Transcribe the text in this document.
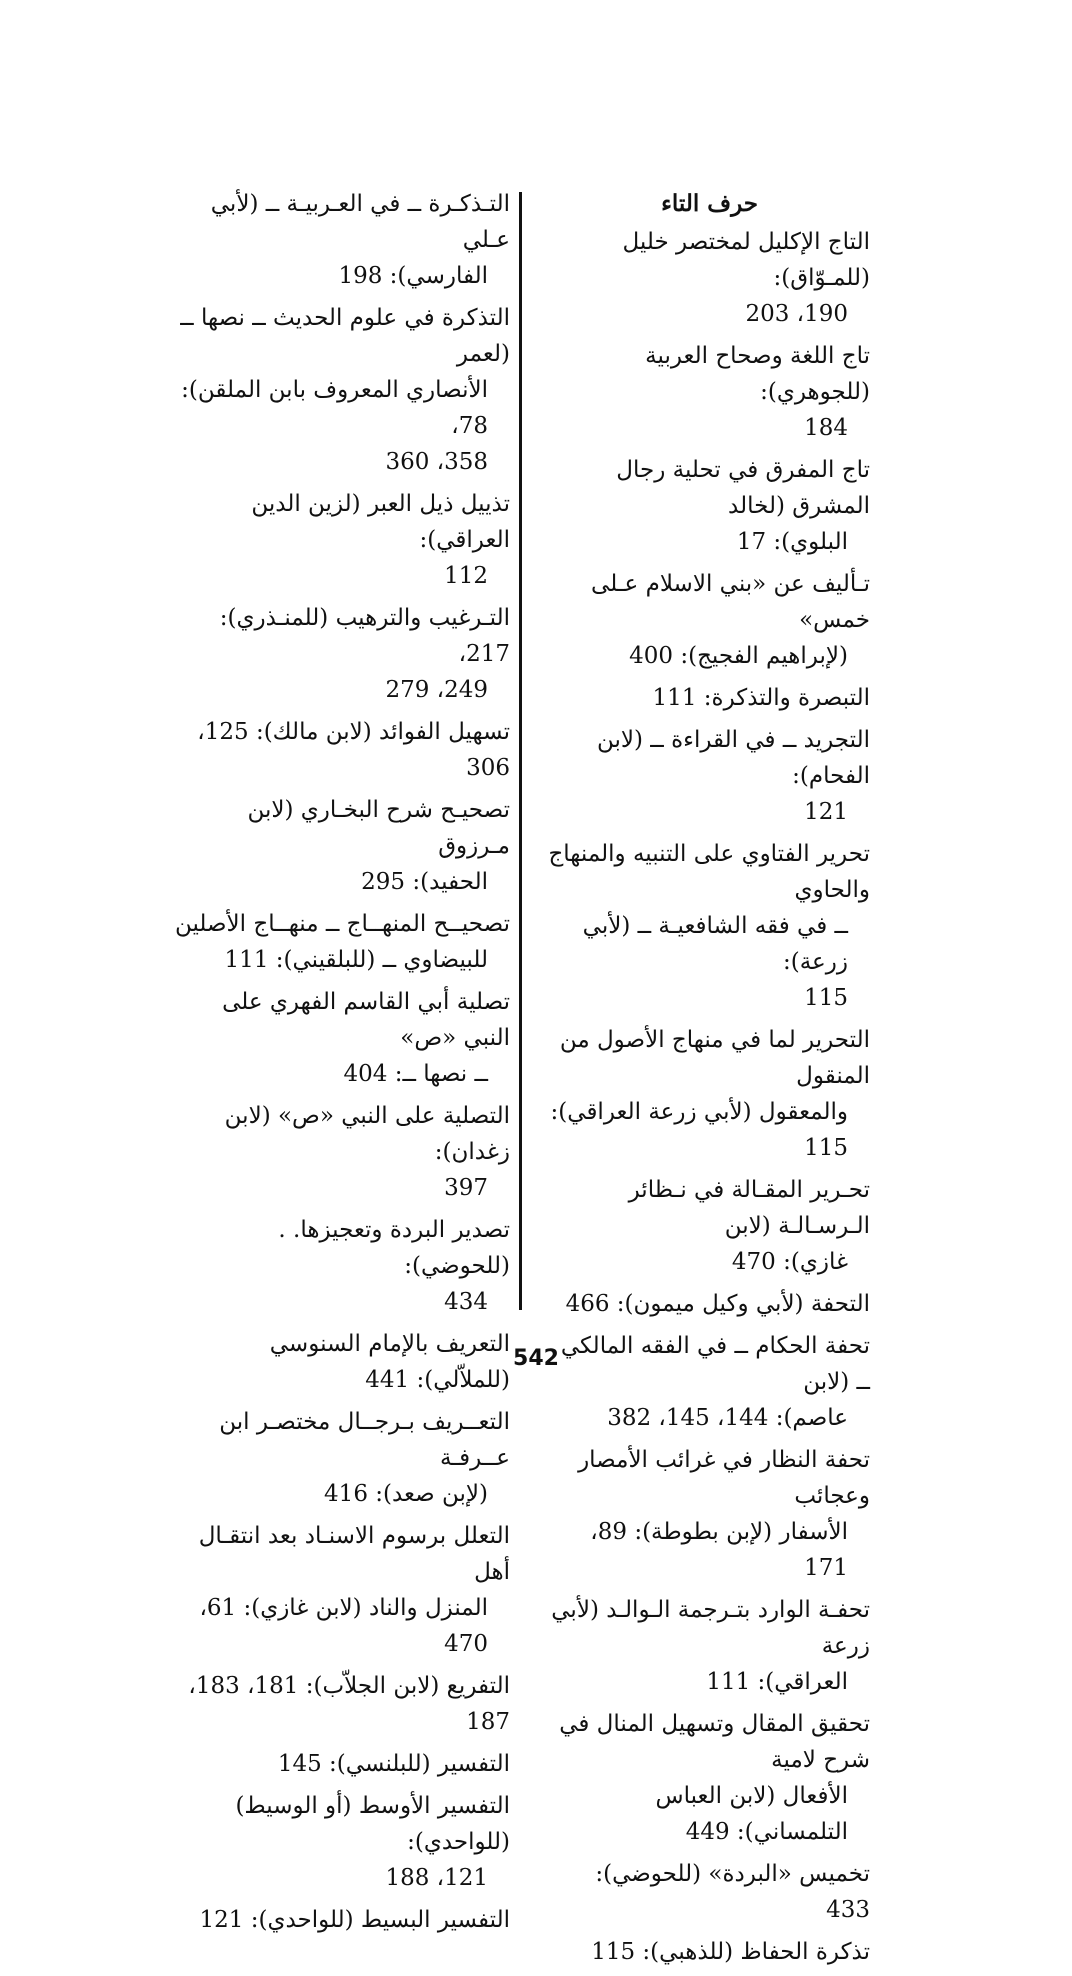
حرف التاء
التاج الإكليل لمختصر خليل (للمـوّاق):
190، 203
تاج اللغة وصحاح العربية (للجوهري):
184
تاج المفرق في تحلية رجال المشرق (لخالد
البلوي): 17
تـأليف عن «بني الاسلام عـلى خمس»
(لإبراهيم الفجيج): 400
التبصرة والتذكرة: 111
التجريد ــ في القراءة ــ (لابن الفحام):
121
تحرير الفتاوي على التنبيه والمنهاج والحاوي
ــ في فقه الشافعيـة ــ (لأبي زرعة):
115
التحرير لما في منهاج الأصول من المنقول
والمعقول (لأبي زرعة العراقي): 115
تحـرير المقـالة في نـظائر الـرسـالـة (لابن
غازي): 470
التحفة (لأبي وكيل ميمون): 466
تحفة الحكام ــ في الفقه المالكي ــ (لابن
عاصم): 144، 145، 382
تحفة النظار في غرائب الأمصار وعجائب
الأسفار (لإبن بطوطة): 89، 171
تحفـة الوارد بتـرجمة الـوالـد (لأبي زرعة
العراقي): 111
تحقيق المقال وتسهيل المنال في شرح لامية
الأفعال (لابن العباس التلمساني): 449
تخميس «البردة» (للحوضي): 433
تذكرة الحفاظ (للذهبي): 115
التـذكـرة ــ في العـربيـة ــ (لأبي عـلي
الفارسي): 198
التذكرة في علوم الحديث ــ نصها ــ (لعمر
الأنصاري المعروف بابن الملقن): 78،
358، 360
تذييل ذيل العبر (لزين الدين العراقي):
112
التـرغيب والترهيب (للمنـذري): 217،
249، 279
تسهيل الفوائد (لابن مالك): 125، 306
تصحيـح شرح البخـاري (لابن مـرزوق
الحفيد): 295
تصحيــح المنهــاج ــ منهــاج الأصلين
للبيضاوي ــ (للبلقيني): 111
تصلية أبي القاسم الفهري على النبي «ص»
ــ نصها ــ: 404
التصلية على النبي «ص» (لابن زغدان):
397
تصدير البردة وتعجيزها. . (للحوضي):
434
التعريف بالإمام السنوسي (للملاّلي): 441
التعــريف بـرجــال مختصـر ابن عــرفـة
(لإبن صعد): 416
التعلل برسوم الاسنـاد بعد انتقـال أهل
المنزل والناد (لابن غازي): 61، 470
التفريع (لابن الجلاّب): 181، 183، 187
التفسير (للبلنسي): 145
التفسير الأوسط (أو الوسيط) (للواحدي):
121، 188
التفسير البسيط (للواحدي): 121
542
